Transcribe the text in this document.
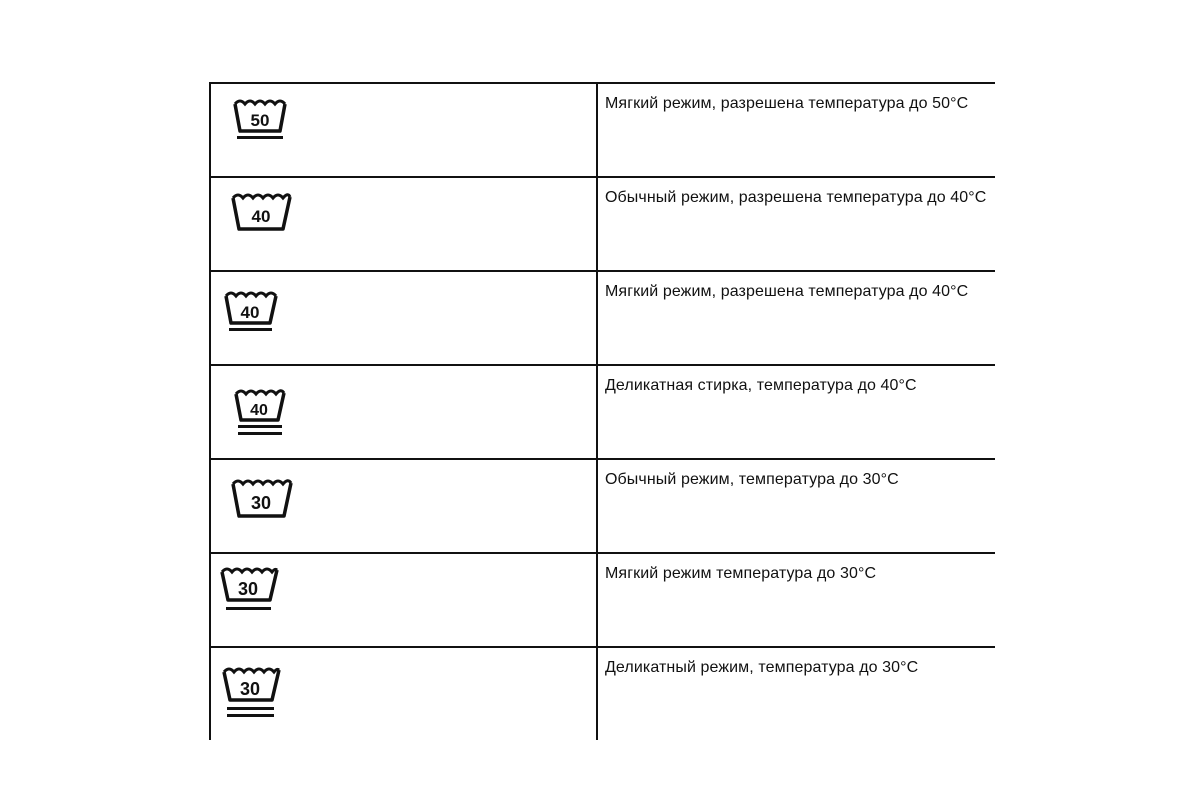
50
Мягкий режим, разрешена температура до 50°С
40
Обычный режим, разрешена температура до 40°С
40
Мягкий режим, разрешена температура до 40°С
40
Деликатная стирка, температура до 40°С
30
Обычный режим, температура до 30°С
30
Мягкий режим температура до 30°С
30
Деликатный режим, температура до 30°С
